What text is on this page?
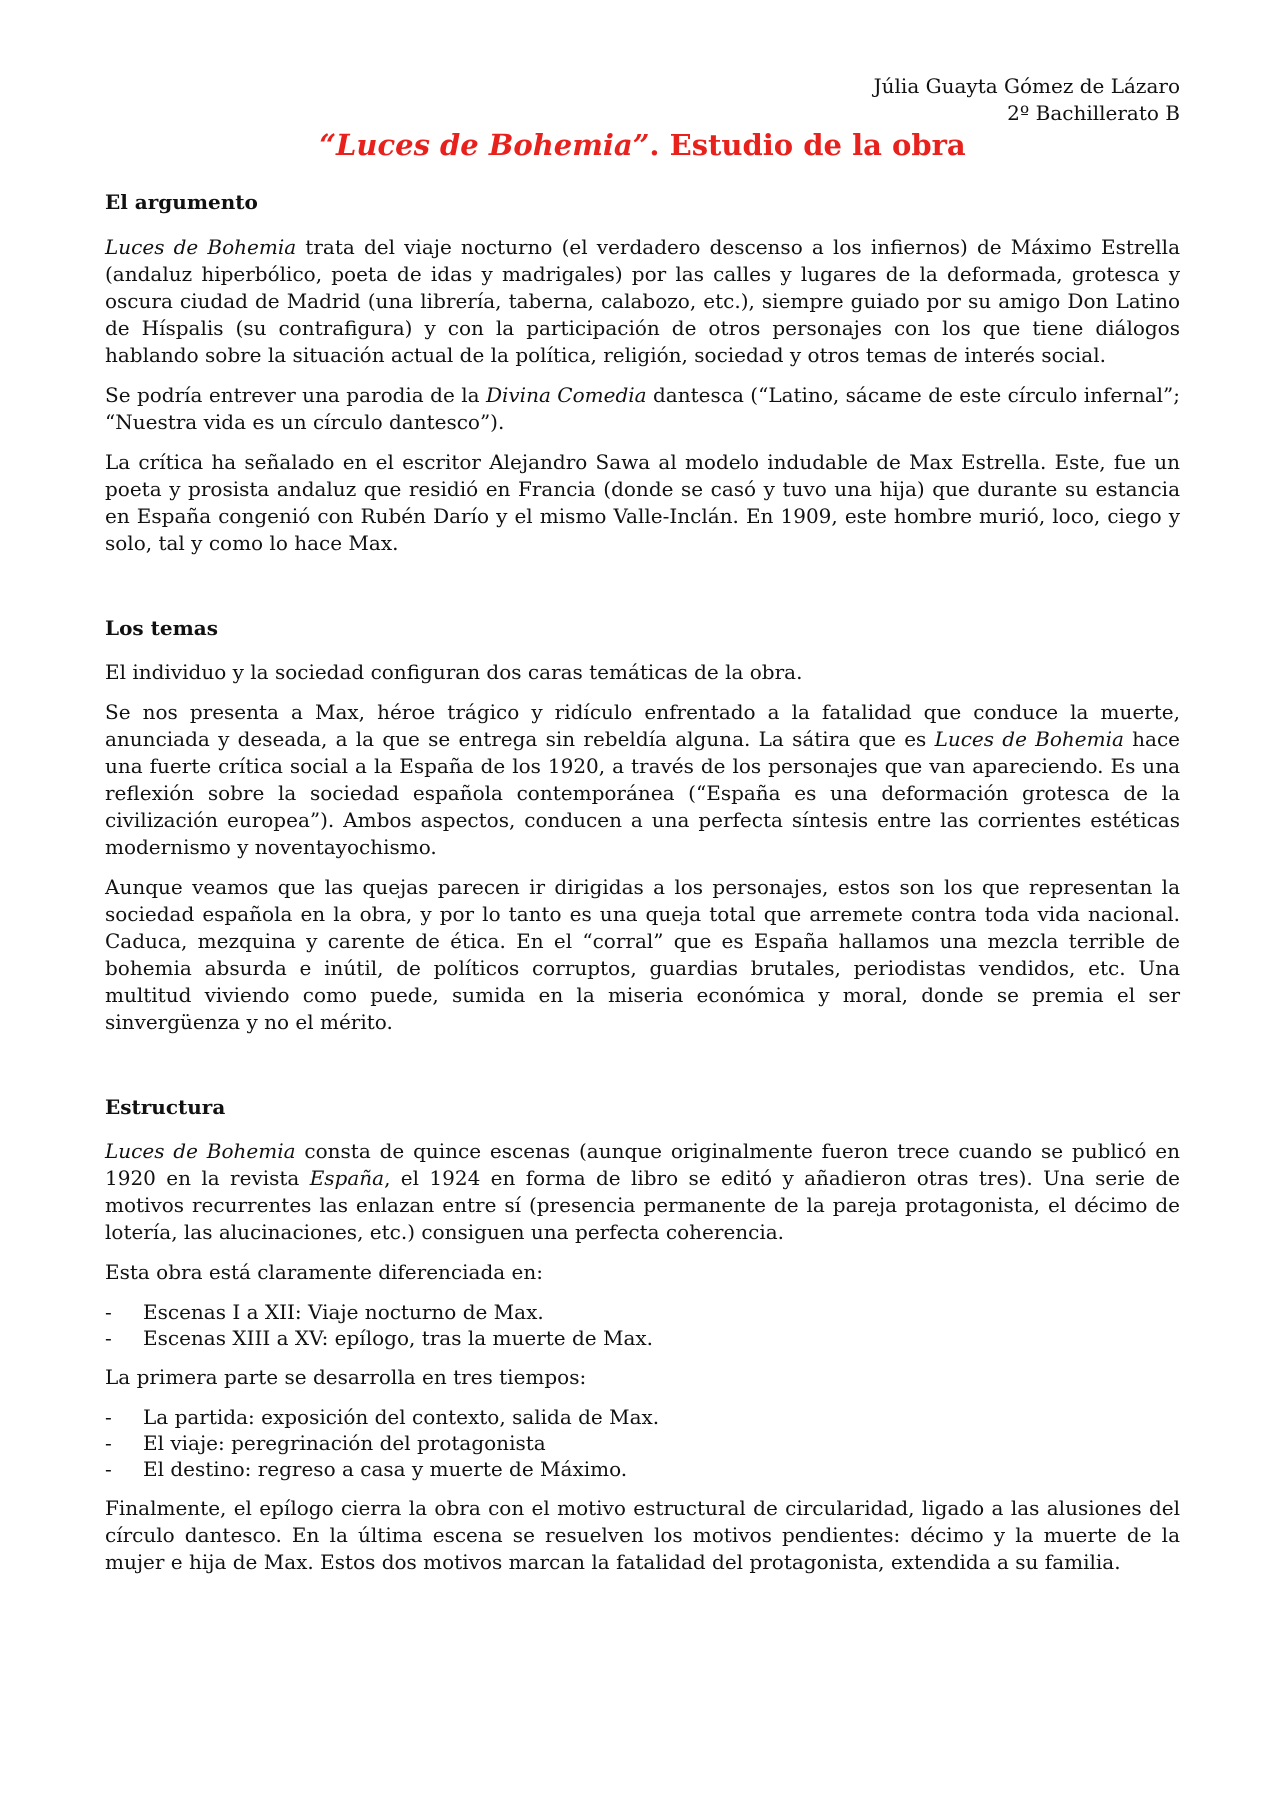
Júlia Guayta Gómez de Lázaro
2º Bachillerato B
“Luces de Bohemia”. Estudio de la obra
El argumento

Luces de Bohemia trata del viaje nocturno (el verdadero descenso a los infiernos) de Máximo Estrella (andaluz hiperbólico, poeta de idas y madrigales) por las calles y lugares de la deformada, grotesca y oscura ciudad de Madrid (una librería, taberna, calabozo, etc.), siempre guiado por su amigo Don Latino de Híspalis (su contrafigura) y con la participación de otros personajes con los que tiene diálogos hablando sobre la situación actual de la política, religión, sociedad y otros temas de interés social.

Se podría entrever una parodia de la Divina Comedia dantesca (“Latino, sácame de este círculo infernal”; “Nuestra vida es un círculo dantesco”).

La crítica ha señalado en el escritor Alejandro Sawa al modelo indudable de Max Estrella. Este, fue un poeta y prosista andaluz que residió en Francia (donde se casó y tuvo una hija) que durante su estancia en España congenió con Rubén Darío y el mismo Valle-Inclán. En 1909, este hombre murió, loco, ciego y solo, tal y como lo hace Max.

Los temas

El individuo y la sociedad configuran dos caras temáticas de la obra.

Se nos presenta a Max, héroe trágico y ridículo enfrentado a la fatalidad que conduce la muerte, anunciada y deseada, a la que se entrega sin rebeldía alguna. La sátira que es Luces de Bohemia hace una fuerte crítica social a la España de los 1920, a través de los personajes que van apareciendo. Es una reflexión sobre la sociedad española contemporánea (“España es una deformación grotesca de la civilización europea”). Ambos aspectos, conducen a una perfecta síntesis entre las corrientes estéticas modernismo y noventayochismo.

Aunque veamos que las quejas parecen ir dirigidas a los personajes, estos son los que representan la sociedad española en la obra, y por lo tanto es una queja total que arremete contra toda vida nacional. Caduca, mezquina y carente de ética. En el “corral” que es España hallamos una mezcla terrible de bohemia absurda e inútil, de políticos corruptos, guardias brutales, periodistas vendidos, etc. Una multitud viviendo como puede, sumida en la miseria económica y moral, donde se premia el ser sinvergüenza y no el mérito.

Estructura

Luces de Bohemia consta de quince escenas (aunque originalmente fueron trece cuando se publicó en 1920 en la revista España, el 1924 en forma de libro se editó y añadieron otras tres). Una serie de motivos recurrentes las enlazan entre sí (presencia permanente de la pareja protagonista, el décimo de lotería, las alucinaciones, etc.) consiguen una perfecta coherencia.

Esta obra está claramente diferenciada en:

- Escenas I a XII: Viaje nocturno de Max.
- Escenas XIII a XV: epílogo, tras la muerte de Max.

La primera parte se desarrolla en tres tiempos:

- La partida: exposición del contexto, salida de Max.
- El viaje: peregrinación del protagonista
- El destino: regreso a casa y muerte de Máximo.

Finalmente, el epílogo cierra la obra con el motivo estructural de circularidad, ligado a las alusiones del círculo dantesco. En la última escena se resuelven los motivos pendientes: décimo y la muerte de la mujer e hija de Max. Estos dos motivos marcan la fatalidad del protagonista, extendida a su familia.
